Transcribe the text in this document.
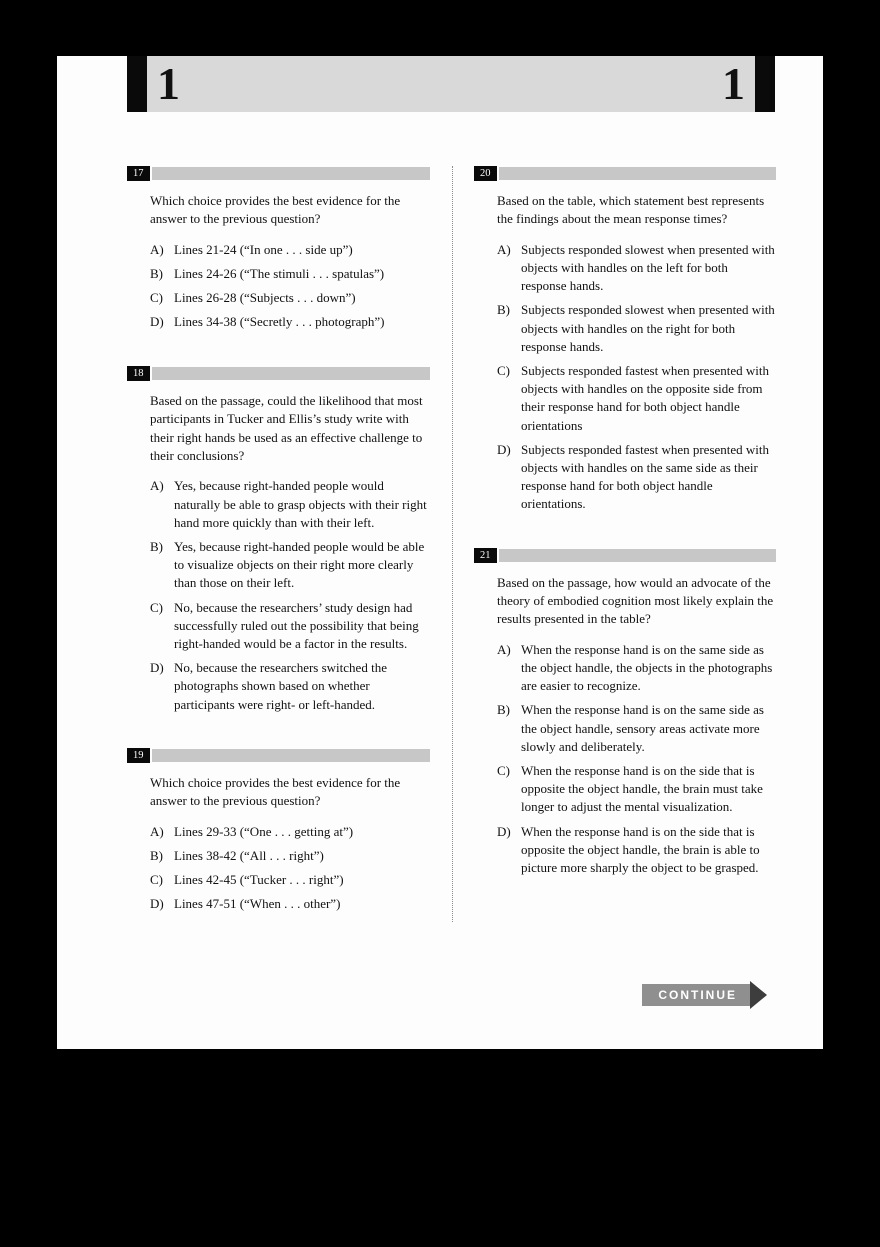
1	1
17

Which choice provides the best evidence for the answer to the previous question?

A) Lines 21-24 (“In one . . . side up”)
B) Lines 24-26 (“The stimuli . . . spatulas”)
C) Lines 26-28 (“Subjects . . . down”)
D) Lines 34-38 (“Secretly . . . photograph”)
18

Based on the passage, could the likelihood that most participants in Tucker and Ellis’s study write with their right hands be used as an effective challenge to their conclusions?

A) Yes, because right-handed people would naturally be able to grasp objects with their right hand more quickly than with their left.
B) Yes, because right-handed people would be able to visualize objects on their right more clearly than those on their left.
C) No, because the researchers’ study design had successfully ruled out the possibility that being right-handed would be a factor in the results.
D) No, because the researchers switched the photographs shown based on whether participants were right- or left-handed.
19

Which choice provides the best evidence for the answer to the previous question?

A) Lines 29-33 (“One . . . getting at”)
B) Lines 38-42 (“All . . . right”)
C) Lines 42-45 (“Tucker . . . right”)
D) Lines 47-51 (“When . . . other”)
20

Based on the table, which statement best represents the findings about the mean response times?

A) Subjects responded slowest when presented with objects with handles on the left for both response hands.
B) Subjects responded slowest when presented with objects with handles on the right for both response hands.
C) Subjects responded fastest when presented with objects with handles on the opposite side from their response hand for both object handle orientations
D) Subjects responded fastest when presented with objects with handles on the same side as their response hand for both object handle orientations.
21

Based on the passage, how would an advocate of the theory of embodied cognition most likely explain the results presented in the table?

A) When the response hand is on the same side as the object handle, the objects in the photographs are easier to recognize.
B) When the response hand is on the same side as the object handle, sensory areas activate more slowly and deliberately.
C) When the response hand is on the side that is opposite the object handle, the brain must take longer to adjust the mental visualization.
D) When the response hand is on the side that is opposite the object handle, the brain is able to picture more sharply the object to be grasped.
CONTINUE
